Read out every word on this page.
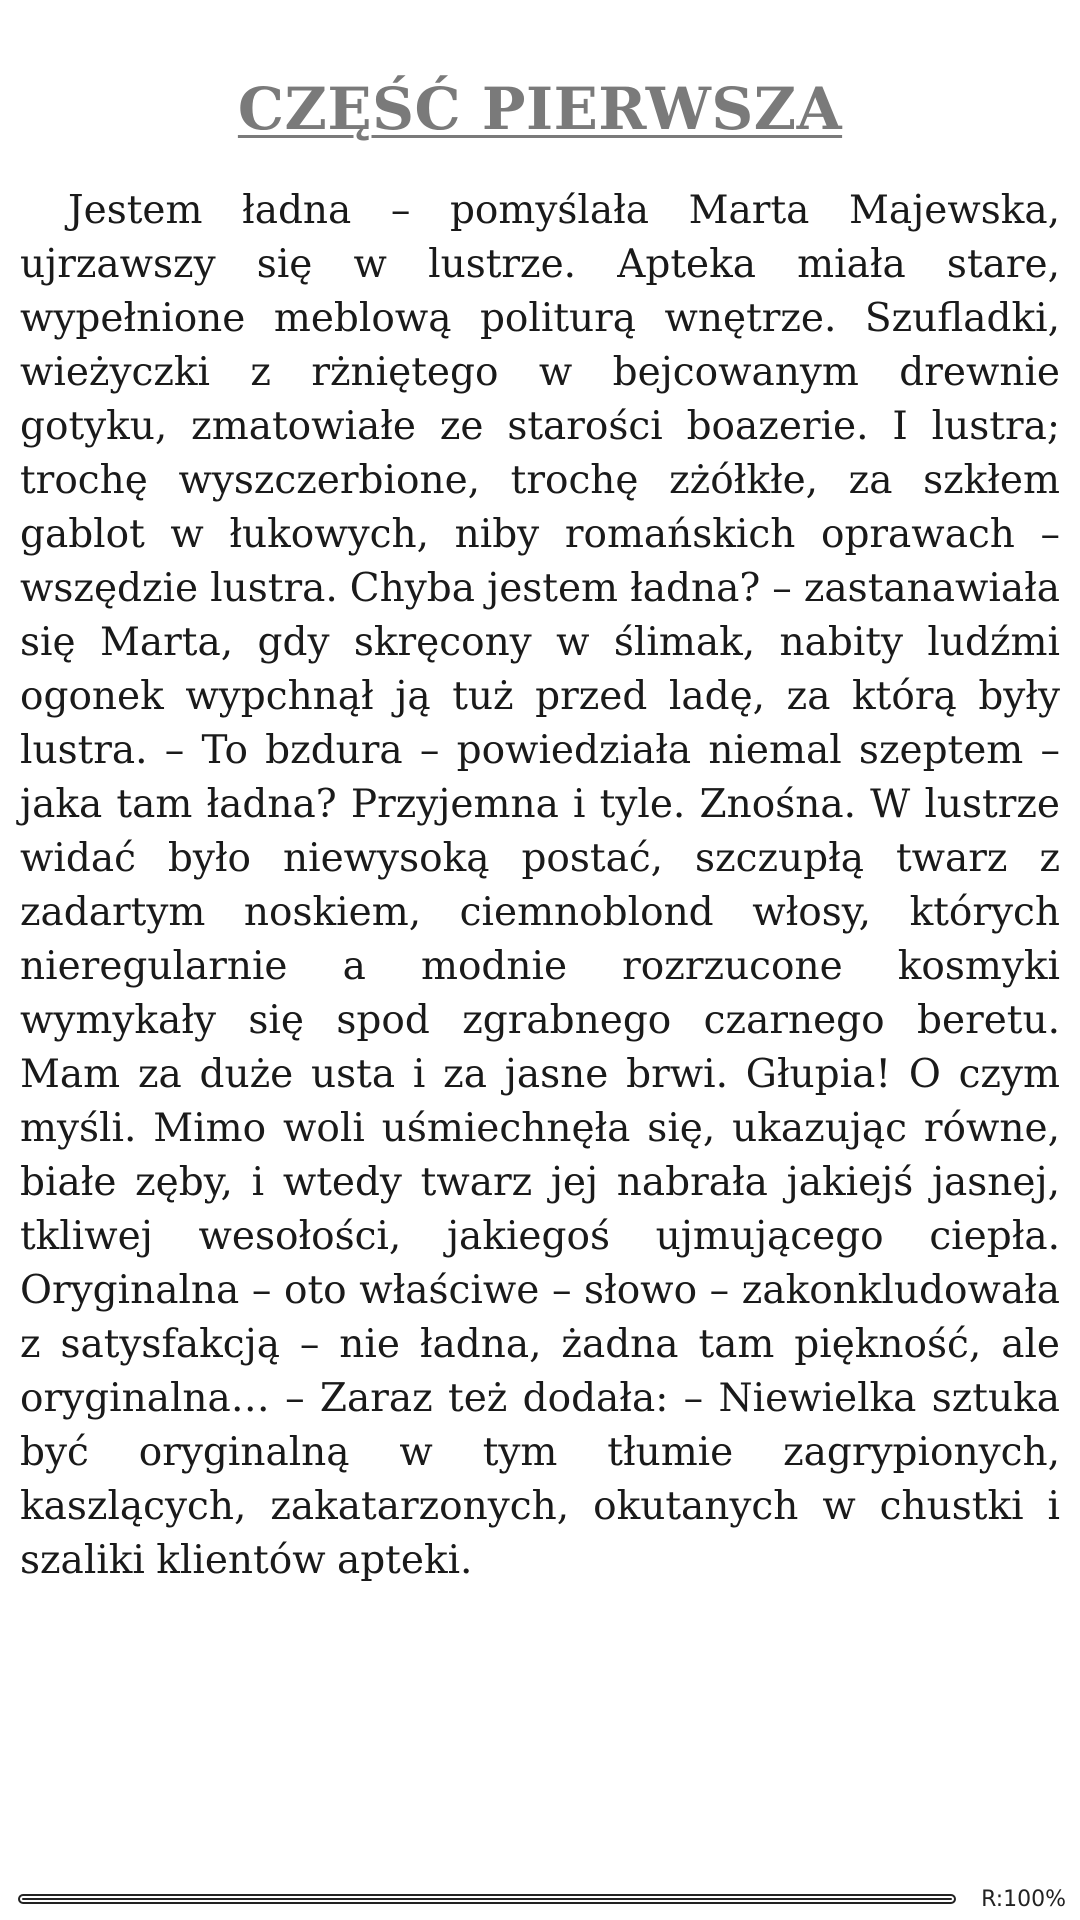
CZĘŚĆ PIERWSZA

Jestem ładna – pomyślała Marta Majewska, ujrzawszy się w lustrze. Apteka miała stare, wypełnione meblową politurą wnętrze. Szufladki, wieżyczki z rżniętego w bejcowanym drewnie gotyku, zmatowiałe ze starości boazerie. I lustra; trochę wyszczerbione, trochę zżółkłe, za szkłem gablot w łukowych, niby romańskich oprawach – wszędzie lustra. Chyba jestem ładna? – zastanawiała się Marta, gdy skręcony w ślimak, nabity ludźmi ogonek wypchnął ją tuż przed ladę, za którą były lustra. – To bzdura – powiedziała niemal szeptem – jaka tam ładna? Przyjemna i tyle. Znośna. W lustrze widać było niewysoką postać, szczupłą twarz z zadartym noskiem, ciemnoblond włosy, których nieregularnie a modnie rozrzucone kosmyki wymykały się spod zgrabnego czarnego beretu. Mam za duże usta i za jasne brwi. Głupia! O czym myśli. Mimo woli uśmiechnęła się, ukazując równe, białe zęby, i wtedy twarz jej nabrała jakiejś jasnej, tkliwej wesołości, jakiegoś ujmującego ciepła. Oryginalna – oto właściwe – słowo – zakonkludowała z satysfakcją – nie ładna, żadna tam piękność, ale oryginalna… – Zaraz też dodała: – Niewielka sztuka być oryginalną w tym tłumie zagrypionych, kaszlących, zakatarzonych, okutanych w chustki i szaliki klientów apteki.

R:100%
